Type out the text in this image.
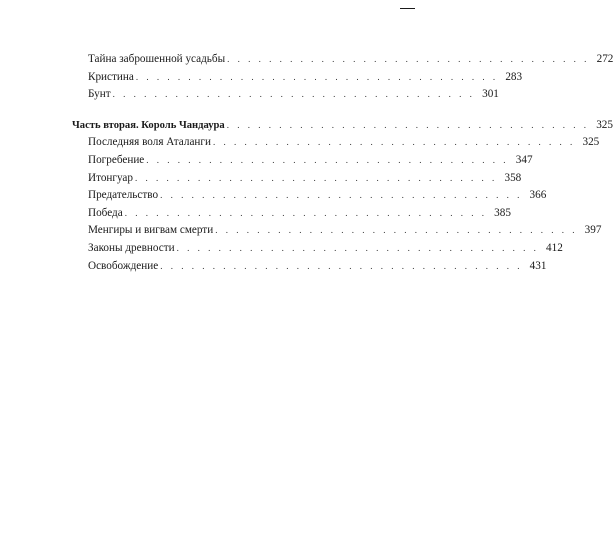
Тайна заброшенной усадьбы . . . . . . . . . . . . . . . . . . . . . . . . . . . . . . . . . . . 272
Кристина . . . . . . . . . . . . . . . . . . . . . . . . . . . . . . . . . . . 283
Бунт . . . . . . . . . . . . . . . . . . . . . . . . . . . . . . . . . . . 301
Часть вторая. Король Чандаура . . . . . . . . . . . . . . . . . . . . . . . . . . . . . . . . . . . 325
Последняя воля Аталанги . . . . . . . . . . . . . . . . . . . . . . . . . . . . . . . . . . . 325
Погребение . . . . . . . . . . . . . . . . . . . . . . . . . . . . . . . . . . . 347
Итонгуар . . . . . . . . . . . . . . . . . . . . . . . . . . . . . . . . . . . 358
Предательство . . . . . . . . . . . . . . . . . . . . . . . . . . . . . . . . . . . 366
Победа . . . . . . . . . . . . . . . . . . . . . . . . . . . . . . . . . . . 385
Менгиры и вигвам смерти . . . . . . . . . . . . . . . . . . . . . . . . . . . . . . . . . . . 397
Законы древности . . . . . . . . . . . . . . . . . . . . . . . . . . . . . . . . . . . 412
Освобождение . . . . . . . . . . . . . . . . . . . . . . . . . . . . . . . . . . . 431
